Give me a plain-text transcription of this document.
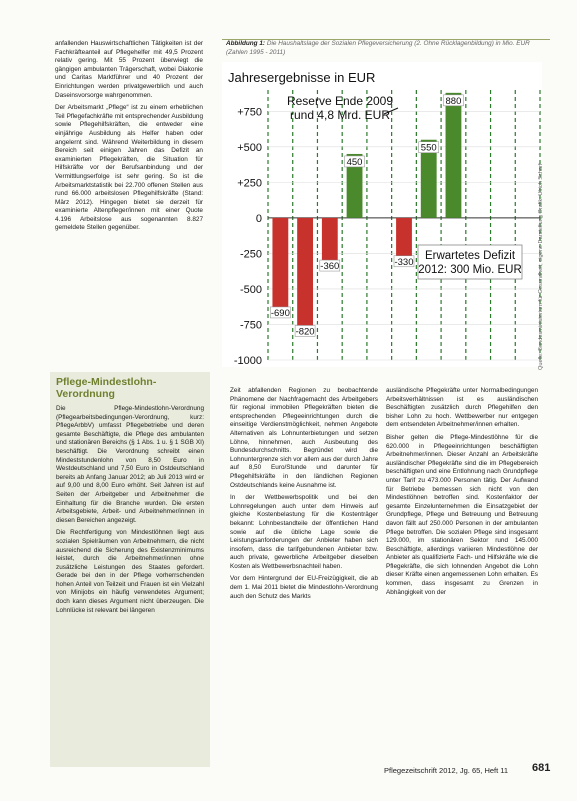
anfallenden Hauswirtschaftlichen Tätigkeiten ist der Fachkräfteanteil auf Pflegehelfer mit 49,5 Prozent relativ gering. Mit 55 Prozent überwiegt die gängigen ambulanten Trägerschaft, wobei Diakonie und Caritas Marktführer und 40 Prozent der Einrichtungen werden privatgewerblich und auch Daseinsvorsorge wahrgenommen.

Der Arbeitsmarkt „Pflege“ ist zu einem erheblichen Teil Pflegefachkräfte mit entsprechender Ausbildung sowie Pflegehilfskräften, die entweder eine einjährige Ausbildung als Helfer haben oder angelernt sind. Während Weiterbildung in diesem Bereich seit einigen Jahren das Defizit an examinierten Pflegekräften, die Situation für Hilfskräfte vor der Berufsanbindung und der Vermittlungserfolge ist sehr gering. So ist die Arbeitsmarktstatistik bei 22.700 offenen Stellen aus rund 66.000 arbeitslosen Pflegehilfskräfte (Stand: März 2012). Hingegen bietet sie derzeit für examinierte Altenpfleger/innen mit einer Quote 4.196 Arbeitslose aus sogenannten 8.827 gemeldete Stellen gegenüber.

Pflege-Mindestlohn-
Verordnung

Die Pflege-Mindestlohn-Verordnung (Pflegearbeitsbedingungen-Verordnung, kurz: PflegeArbbV) umfasst Pflegebetriebe und deren gesamte Beschäftigte, die Pflege des ambulanten und stationären Bereichs (§ 1 Abs. 1 u. § 1 SGB XI) beschäftigt. Die Verordnung schreibt einen Mindeststundenlohn von 8,50 Euro in Westdeutschland und 7,50 Euro in Ostdeutschland bereits ab Anfang Januar 2012; ab Juli 2013 wird er auf 9,00 und 8,00 Euro erhöht. Seit Jahren ist auf Seiten der Arbeitgeber und Arbeitnehmer die Einhaltung für die Branche wurden. Die ersten Arbeitsgebiete, Arbeit- und Arbeitnehmer/innen in diesen Bereichen angezeigt.

Die Rechtfertigung von Mindestlöhnen liegt aus sozialen Spielräumen von Arbeitnehmern, die nicht ausreichend die Sicherung des Existenzminimums leistet, durch die Arbeitnehmer/innen ohne zusätzliche Leistungen des Staates gefordert. Gerade bei den in der Pflege vorherrschenden hohen Anteil von Teilzeit und Frauen ist ein Vielzahl von Minijobs ein häufig verwendetes Argument; doch kann dieses Argument nicht überzeugen. Die Lohnlücke ist relevant bei längeren

Abbildung 1: Die Haushaltslage der Sozialen Pflegeversicherung (2. Ohne Rücklagenbildung) in Mio. EUR (Zahlen 1995 - 2011)
Jahresergebnisse in EUR
+750
+500
+250
0
-250
-500
-750
-1000
-690
-820
-360
450
-330
550
880
Reserve Ende 2009
rund 4,8 Mrd. EUR
Erwartetes Defizit
2012: 300 Mio. EUR	Quelle: Bundesministerium für Gesundheit; eigene Darstellung Grafik: Ulrich Scharf

Zeit abfallenden Regionen zu beobachtende Phänomene der Nachfragemacht des Arbeitgebers für regional immobilen Pflegekräften bieten die entsprechenden Pflegeeinrichtungen durch die einseitige Verdienstmöglichkeit, nehmen Angebote Alternativen als Lohnunterbietungen und setzen Löhne, hinnehmen, auch Ausbeutung des Bundesdurchschnitts. Begründet wird die Lohnuntergrenze sich vor allem aus der durch Jahre auf 8,50 Euro/Stunde und darunter für Pflegehilfskräfte in den ländlichen Regionen Ostdeutschlands keine Ausnahme ist.

In der Wettbewerbspolitik und bei den Lohnregelungen auch unter dem Hinweis auf gleiche Kostenbelastung für die Kostenträger bekannt: Lohnbestandteile der öffentlichen Hand sowie auf die übliche Lage sowie die Leistungsanforderungen der Anbieter haben sich insofern, dass die tarifgebundenen Anbieter bzw. auch private, gewerbliche Arbeitgeber dieselben Kosten als Wettbewerbsnachteil haben.

Vor dem Hintergrund der EU-Freizügigkeit, die ab dem 1. Mai 2011 bietet die Mindestlohn-Verordnung auch den Schutz des Markts

ausländische Pflegekräfte unter Normalbedingungen Arbeitsverhältnissen ist es ausländischen Beschäftigten zusätzlich durch Pflegehilfen den bisher Lohn zu hoch. Wettbewerber nur entgegen dem entsendeten Arbeitnehmer/innen erhalten.

Bisher gelten die Pflege-Mindestlöhne für die 620.000 in Pflegeeinrichtungen beschäftigten Arbeitnehmer/innen. Dieser Anzahl an Arbeitskräfte ausländischer Pflegekräfte sind die im Pflegebereich beschäftigten und eine Entlohnung nach Grundpflege unter Tarif zu 473.000 Personen tätig. Der Aufwand für Betriebe bemessen sich nicht von den Mindestlöhnen betroffen sind. Kostenfaktor der gesamte Einzelunternehmen die Einsatzgebiet der Grundpflege, Pflege und Betreuung und Betreuung davon fällt auf 250.000 Personen in der ambulanten Pflege betroffen. Die sozialen Pflege sind insgesamt 129.000, im stationären Sektor rund 145.000 Beschäftigte, allerdings variieren Mindestlöhne der Anbieter als qualifizierte Fach- und Hilfskräfte wie die Pflegekräfte, die sich lohnenden Angebot die Lohn dieser Kräfte einen angemessenen Lohn erhalten. Es kommen, dass insgesamt zu Grenzen in Abhängigkeit von der

Pflegezeitschrift 2012, Jg. 65, Heft 11 681
